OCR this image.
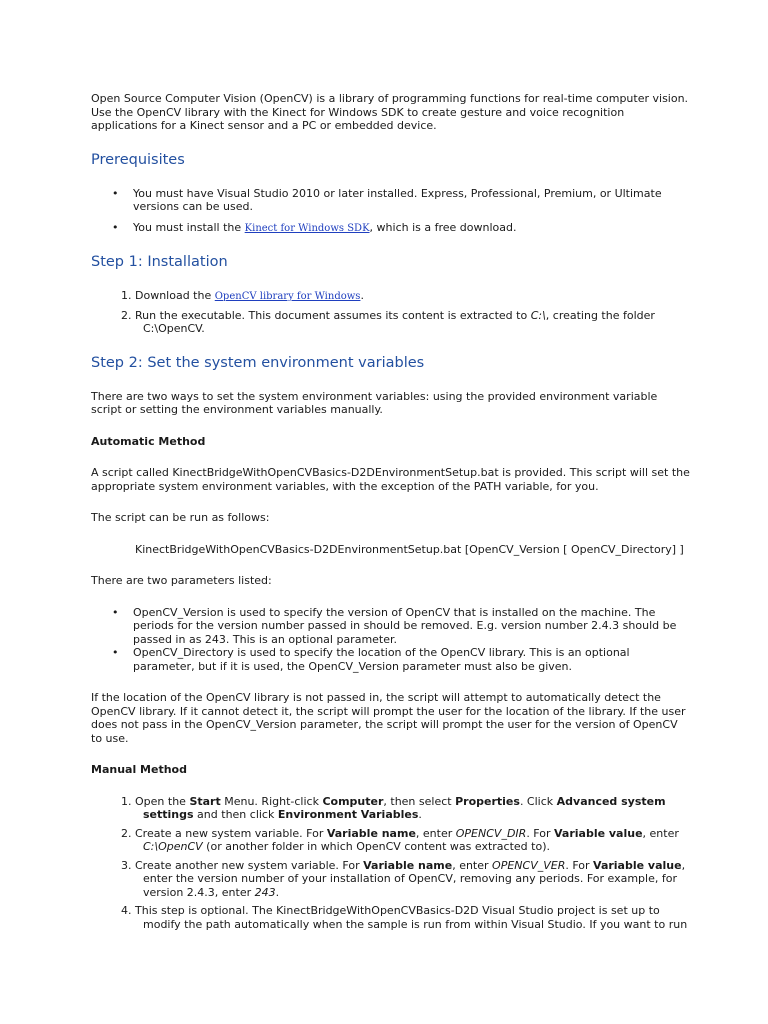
Open Source Computer Vision (OpenCV) is a library of programming functions for real-time computer vision. Use the OpenCV library with the Kinect for Windows SDK to create gesture and voice recognition applications for a Kinect sensor and a PC or embedded device.

Prerequisites
• You must have Visual Studio 2010 or later installed. Express, Professional, Premium, or Ultimate versions can be used.
• You must install the Kinect for Windows SDK, which is a free download.
Step 1: Installation
1. Download the OpenCV library for Windows.
2. Run the executable. This document assumes its content is extracted to C:\, creating the folder C:\OpenCV.
Step 2: Set the system environment variables

There are two ways to set the system environment variables: using the provided environment variable script or setting the environment variables manually.

Automatic Method

A script called KinectBridgeWithOpenCVBasics-D2DEnvironmentSetup.bat is provided. This script will set the appropriate system environment variables, with the exception of the PATH variable, for you.

The script can be run as follows:

KinectBridgeWithOpenCVBasics-D2DEnvironmentSetup.bat [OpenCV_Version [ OpenCV_Directory] ]

There are two parameters listed:

• OpenCV_Version is used to specify the version of OpenCV that is installed on the machine. The periods for the version number passed in should be removed. E.g. version number 2.4.3 should be passed in as 243. This is an optional parameter.
• OpenCV_Directory is used to specify the location of the OpenCV library. This is an optional parameter, but if it is used, the OpenCV_Version parameter must also be given.

If the location of the OpenCV library is not passed in, the script will attempt to automatically detect the OpenCV library. If it cannot detect it, the script will prompt the user for the location of the library. If the user does not pass in the OpenCV_Version parameter, the script will prompt the user for the version of OpenCV to use.

Manual Method
1. Open the Start Menu. Right-click Computer, then select Properties. Click Advanced system settings and then click Environment Variables.
2. Create a new system variable. For Variable name, enter OPENCV_DIR. For Variable value, enter C:\OpenCV (or another folder in which OpenCV content was extracted to).
3. Create another new system variable. For Variable name, enter OPENCV_VER. For Variable value, enter the version number of your installation of OpenCV, removing any periods. For example, for version 2.4.3, enter 243.
4. This step is optional. The KinectBridgeWithOpenCVBasics-D2D Visual Studio project is set up to modify the path automatically when the sample is run from within Visual Studio. If you want to run
